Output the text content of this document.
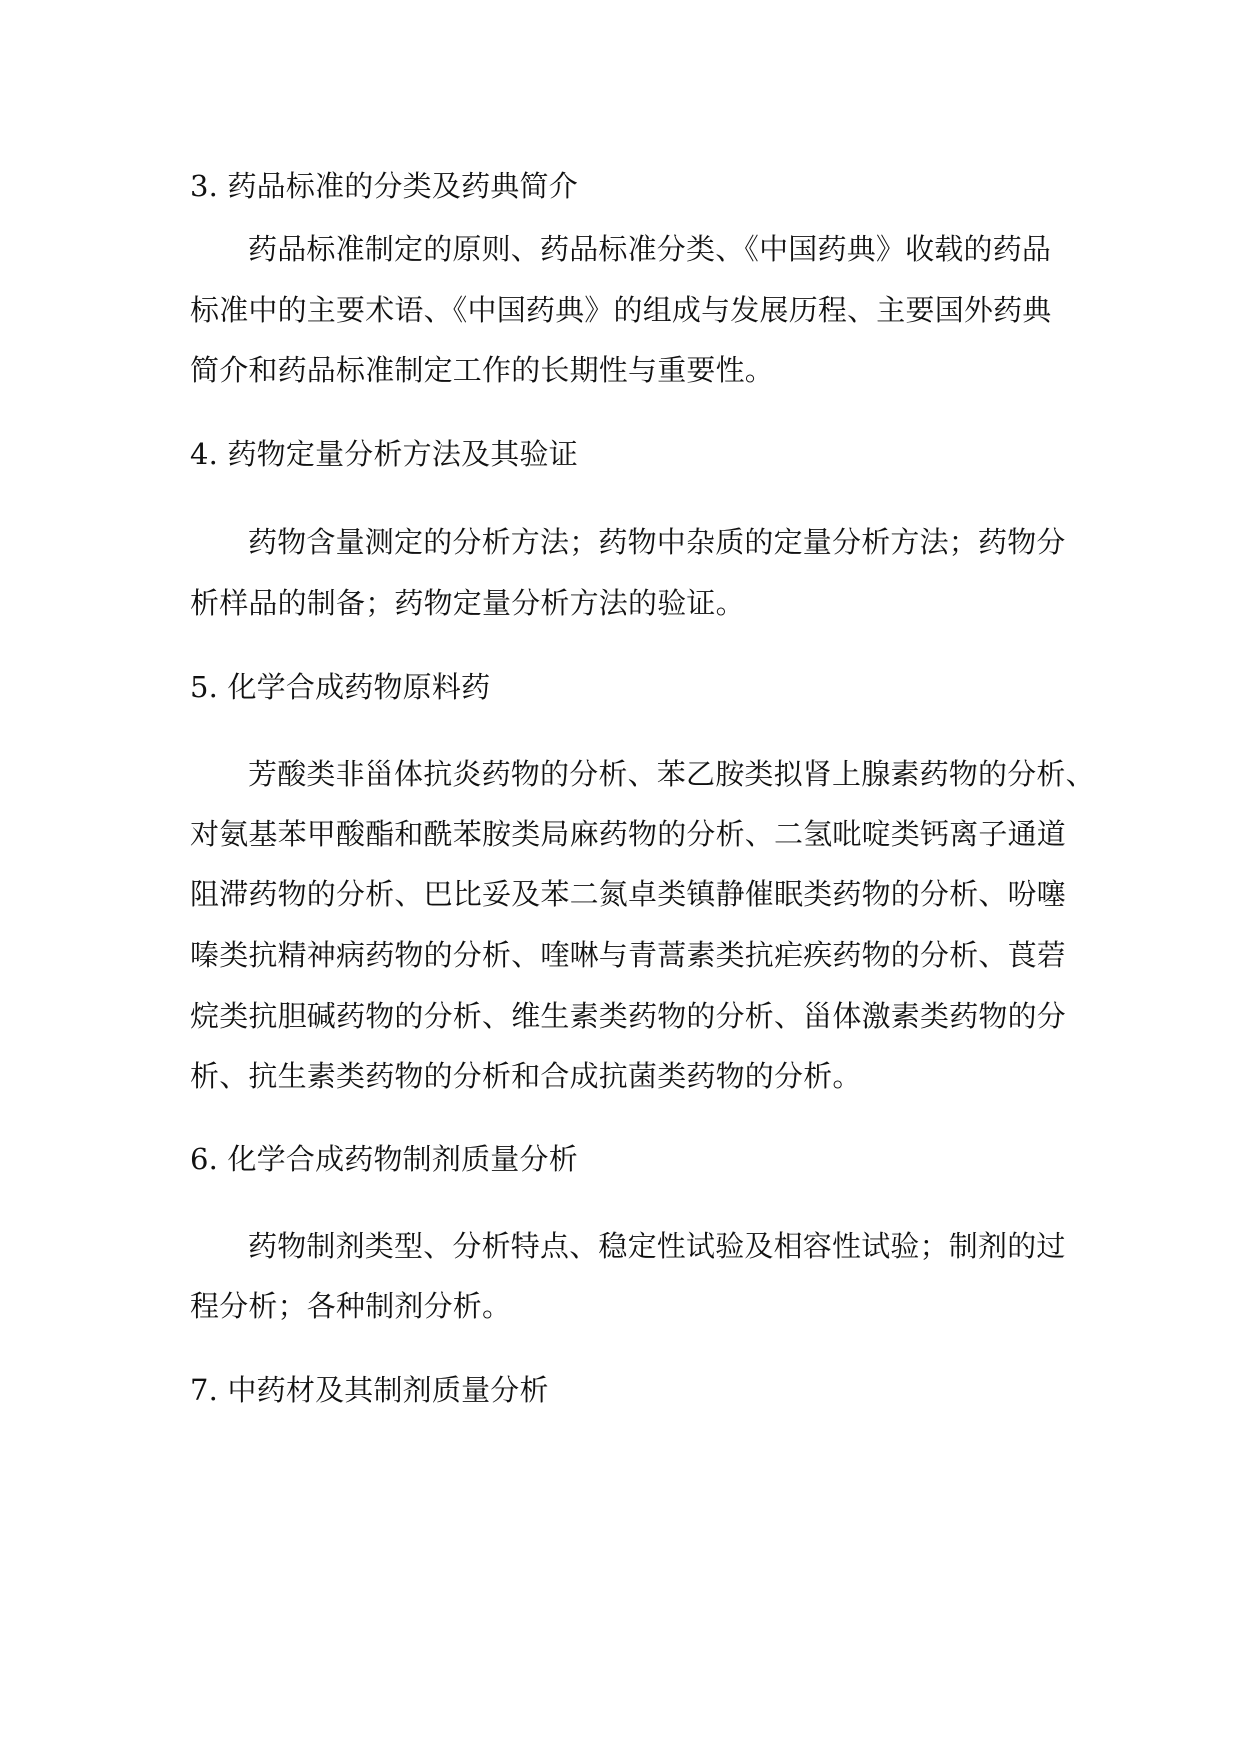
3. 药品标准的分类及药典简介
药品标准制定的原则、药品标准分类、《中国药典》收载的药品
标准中的主要术语、《中国药典》的组成与发展历程、主要国外药典
简介和药品标准制定工作的长期性与重要性。
4. 药物定量分析方法及其验证
药物含量测定的分析方法；药物中杂质的定量分析方法；药物分
析样品的制备；药物定量分析方法的验证。
5. 化学合成药物原料药
芳酸类非甾体抗炎药物的分析、苯乙胺类拟肾上腺素药物的分析、
对氨基苯甲酸酯和酰苯胺类局麻药物的分析、二氢吡啶类钙离子通道
阻滞药物的分析、巴比妥及苯二氮卓类镇静催眠类药物的分析、吩噻
嗪类抗精神病药物的分析、喹啉与青蒿素类抗疟疾药物的分析、莨菪
烷类抗胆碱药物的分析、维生素类药物的分析、甾体激素类药物的分
析、抗生素类药物的分析和合成抗菌类药物的分析。
6. 化学合成药物制剂质量分析
药物制剂类型、分析特点、稳定性试验及相容性试验；制剂的过
程分析；各种制剂分析。
7. 中药材及其制剂质量分析
